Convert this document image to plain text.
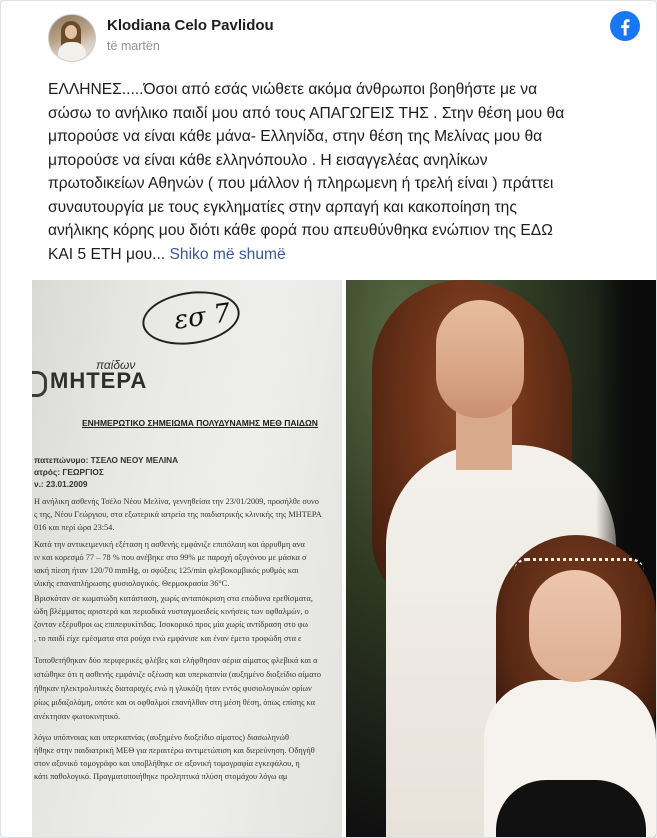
Klodiana Celo Pavlidou
të martën
ΕΛΛΗΝΕΣ.....Όσοι από εσάς νιώθετε ακόμα άνθρωποι βοηθήστε με να
σώσω το ανήλικο παιδί μου από τους ΑΠΑΓΩΓΕΙΣ ΤΗΣ . Στην θέση μου θα
μπορούσε να είναι κάθε μάνα- Ελληνίδα, στην θέση της Μελίνας μου θα
μπορούσε να είναι κάθε ελληνόπουλο . Η εισαγγελέας ανηλίκων
πρωτοδικείων Αθηνών ( που μάλλον ή πληρωμενη ή τρελή είναι ) πράττει
συναυτουργία με τους εγκληματίες στην αρπαγή και κακοποίηση της
ανήλικης κόρης μου διότι κάθε φορά που απευθύνθηκα ενώπιον της ΕΔΩ
ΚΑΙ 5 ΕΤΗ μου... Shiko më shumë
εσ 7
παίδων
ΜΗΤΕΡΑ
ΕΝΗΜΕΡΩΤΙΚΟ ΣΗΜΕΙΩΜΑ ΠΟΛΥΔΥΝΑΜΗΣ ΜΕΘ ΠΑΙΔΩΝ
πατεπώνυμο: ΤΣΕΛΟ ΝΕΟΥ ΜΕΛΙΝΑ
ατρός: ΓΕΩΡΓΙΟΣ
ν.: 23.01.2009
Η ανήλικη ασθενής Τσέλο Νέου Μελίνα, γεννηθείσα την 23/01/2009, προσήλθε συνο
ς της, Νέου Γεώργιου, στα εξωτερικά ιατρεία της παιδιατρικής κλινικής της ΜΗΤΕΡΑ
016 και περί ώρα 23:54.
Κατά την αντικειμενική εξέταση η ασθενής εμφάνιζε επιπόλαιη και άρρυθμη ανα
ιν και κορεσμό 77 – 78 % που ανέβηκε στο 99% με παροχή οξυγόνου με μάσκα σ
ιακή πίεση ήταν 120/70 mmHg, οι σφύξεις 125/min φλεβοκομβικός ρυθμός και
ιλικής επαναπλήρωσης φυσιολογικός. Θερμοκρασία 36°C.
Βρισκόταν σε κωματώδη κατάσταση, χωρίς ανταπόκριση στα επώδυνα ερεθίσματα,
ώδη βλέμματος αριστερά και περιοδικά νυσταγμοειδείς κινήσεις των οφθαλμών, ο
ζονταν εξέρυθροι ως επιπεφυκίτιδας. Ισοκορικό προς μία χωρίς αντίδραση στο φω
, το παιδί είχε εμέσματα στα ρούχα ενώ εμφάνισε και έναν έμετο τροφώδη στα ε
Τοποθετήθηκαν δύο περιφερικές φλέβες και ελήφθησαν αέρια αίματος φλεβικά και α
ιστώθηκε ότι η ασθενής εμφάνιζε οξέωση και υπερκαπνία (αυξημένο διοξείδιο αίματο
ήθηκαν ηλεκτρολυτικές διαταραχές ενώ η γλυκόζη ήταν εντός φυσιολογικών ορίων
ρίως μιδαζολάμη, οπότε και οι οφθαλμοί επανήλθαν στη μέση θέση, όπως επίσης κα
ανέκτησαν φωτοκινητικό.
λόγω υπόπνοιας και υπερκαπνίας (αυξημένο διοξείδιο αίματος) διασωληνώθ
ήθηκε στην παιδιατρική ΜΕΘ για περαιτέρω αντιμετώπιση και διερεύνηση. Οδηγήθ
στον αξονικό τομογράφο και υποβλήθηκε σε αξονική τομογραφία εγκεφάλου, η
κάτι παθολογικό. Πραγματοποιήθηκε προληπτικά πλύση στομάχου λόγω αμ
